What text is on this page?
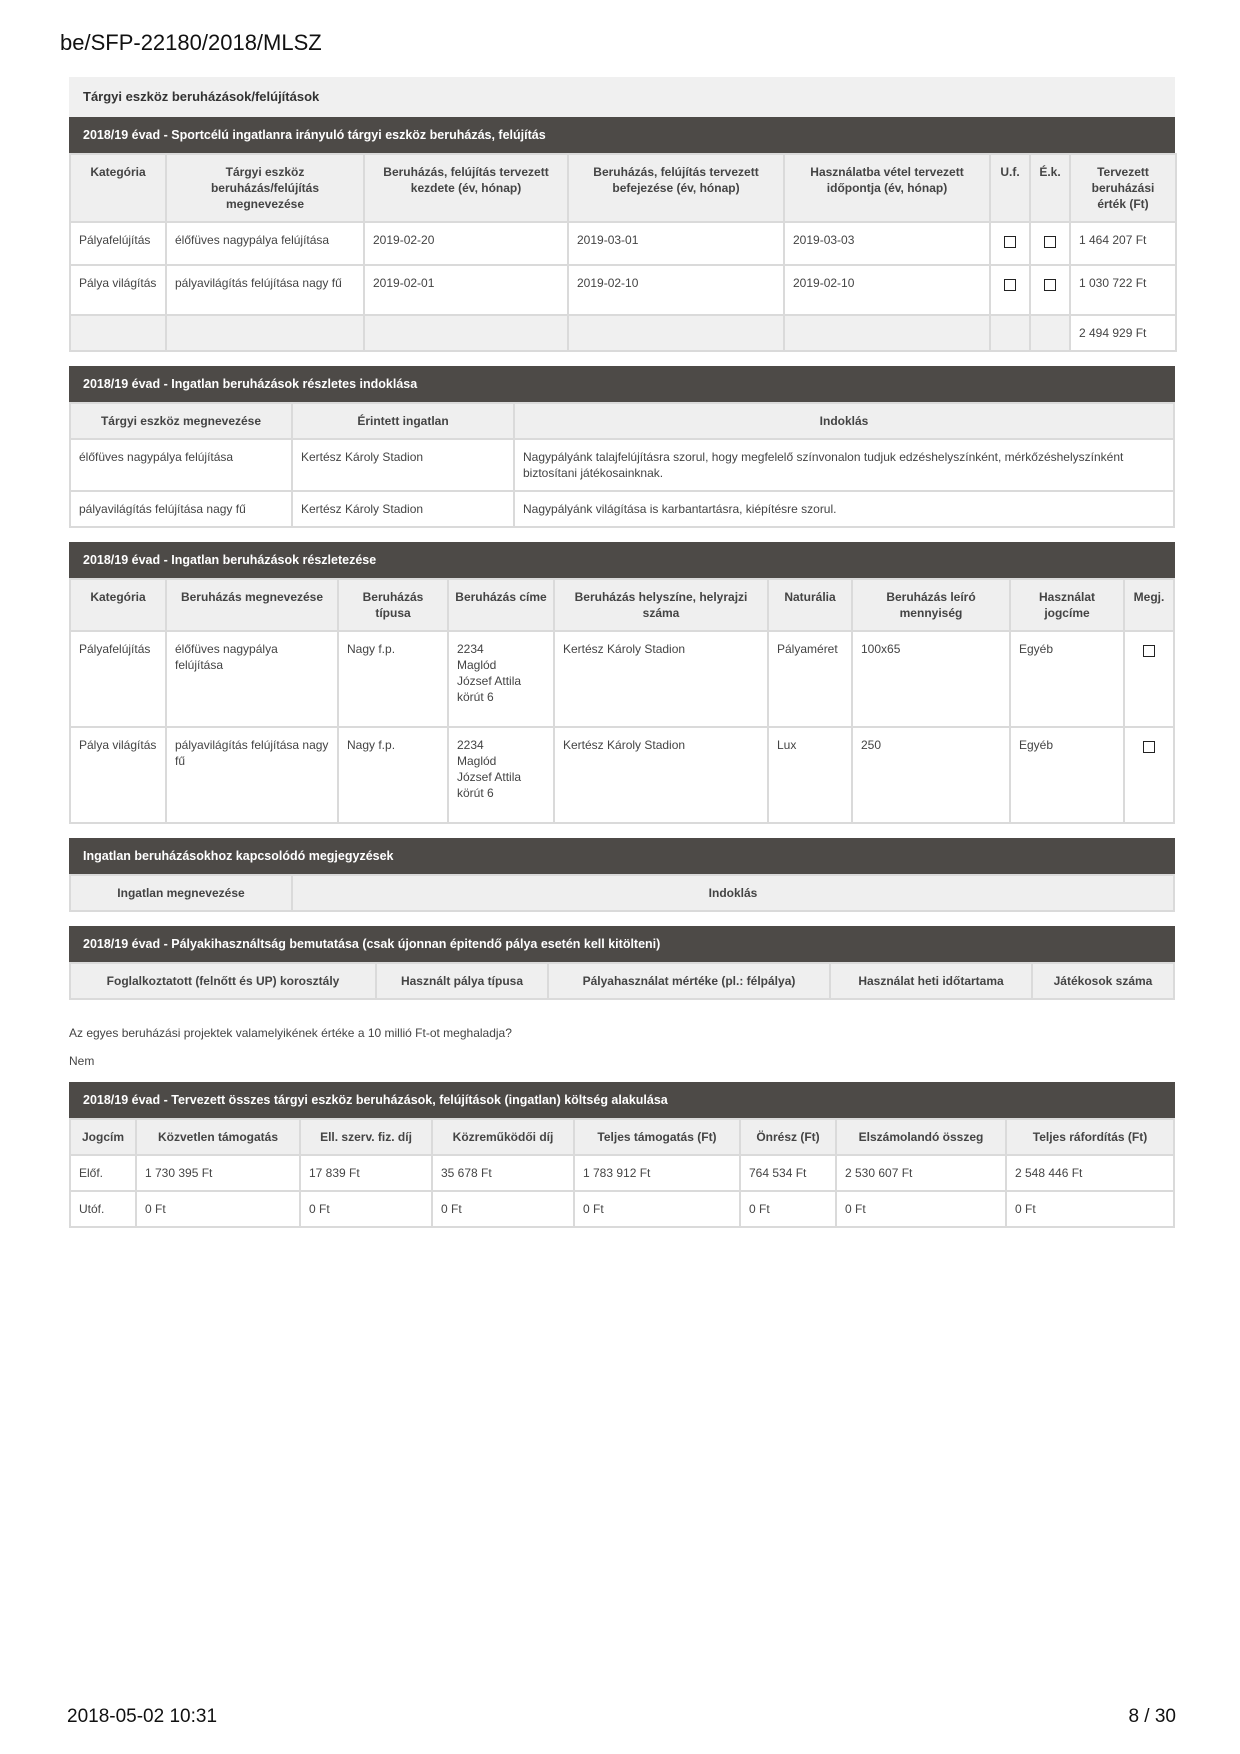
be/SFP-22180/2018/MLSZ
Tárgyi eszköz beruházások/felújítások
2018/19 évad - Sportcélú ingatlanra irányuló tárgyi eszköz beruházás, felújítás
Kategória	Tárgyi eszköz beruházás/felújítás megnevezése	Beruházás, felújítás tervezett kezdete (év, hónap)	Beruházás, felújítás tervezett befejezése (év, hónap)	Használatba vétel tervezett időpontja (év, hónap)	U.f.	É.k.	Tervezett beruházási érték (Ft)
Pályafelújítás	élőfüves nagypálya felújítása	2019-02-20	2019-03-01	2019-03-03			1 464 207 Ft
Pálya világítás	pályavilágítás felújítása nagy fű	2019-02-01	2019-02-10	2019-02-10			1 030 722 Ft
							2 494 929 Ft
2018/19 évad - Ingatlan beruházások részletes indoklása
Tárgyi eszköz megnevezése	Érintett ingatlan	Indoklás
élőfüves nagypálya felújítása	Kertész Károly Stadion	Nagypályánk talajfelújításra szorul, hogy megfelelő színvonalon tudjuk edzéshelyszínként, mérkőzéshelyszínként biztosítani játékosainknak.
pályavilágítás felújítása nagy fű	Kertész Károly Stadion	Nagypályánk világítása is karbantartásra, kiépítésre szorul.
2018/19 évad - Ingatlan beruházások részletezése
Kategória	Beruházás megnevezése	Beruházás típusa	Beruházás címe	Beruházás helyszíne, helyrajzi száma	Naturália	Beruházás leíró mennyiség	Használat jogcíme	Megj.
Pályafelújítás	élőfüves nagypálya felújítása	Nagy f.p.	2234 Maglód József Attila körút 6	Kertész Károly Stadion	Pályaméret	100x65	Egyéb	
Pálya világítás	pályavilágítás felújítása nagy fű	Nagy f.p.	2234 Maglód József Attila körút 6	Kertész Károly Stadion	Lux	250	Egyéb	
Ingatlan beruházásokhoz kapcsolódó megjegyzések
Ingatlan megnevezése	Indoklás
2018/19 évad - Pályakihasználtság bemutatása (csak újonnan épitendő pálya esetén kell kitölteni)
Foglalkoztatott (felnőtt és UP) korosztály	Használt pálya típusa	Pályahasználat mértéke (pl.: félpálya)	Használat heti időtartama	Játékosok száma
Az egyes beruházási projektek valamelyikének értéke a 10 millió Ft-ot meghaladja?
Nem
2018/19 évad - Tervezett összes tárgyi eszköz beruházások, felújítások (ingatlan) költség alakulása
Jogcím	Közvetlen támogatás	Ell. szerv. fiz. díj	Közreműködői díj	Teljes támogatás (Ft)	Önrész (Ft)	Elszámolandó összeg	Teljes ráfordítás (Ft)
Előf.	1 730 395 Ft	17 839 Ft	35 678 Ft	1 783 912 Ft	764 534 Ft	2 530 607 Ft	2 548 446 Ft
Utóf.	0 Ft	0 Ft	0 Ft	0 Ft	0 Ft	0 Ft	0 Ft
2018-05-02 10:31	8 / 30
